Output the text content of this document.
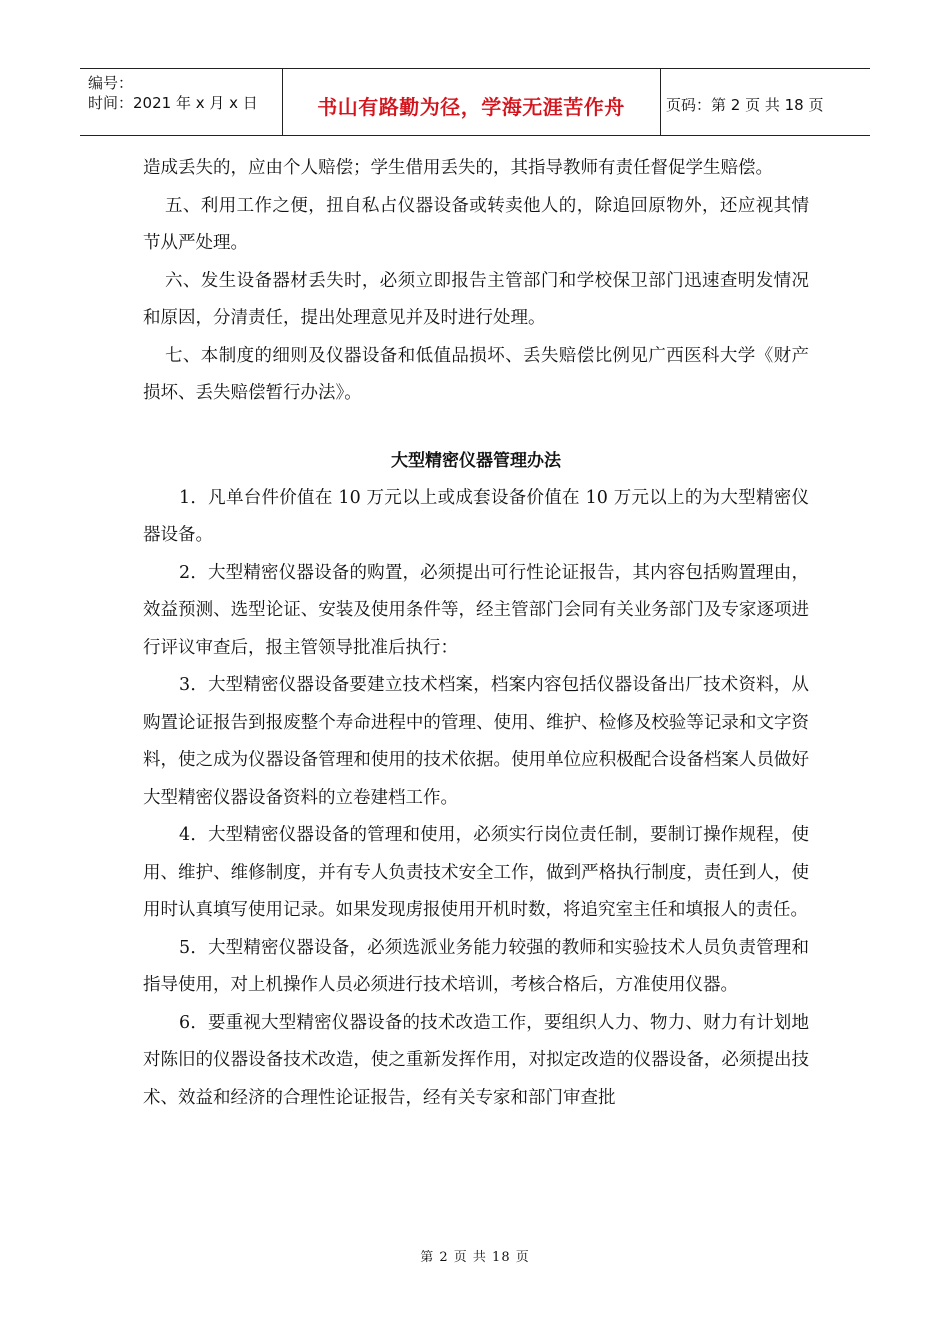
编号：
时间：2021 年 x 月 x 日	书山有路勤为径，学海无涯苦作舟	页码：第 2 页 共 18 页

造成丢失的，应由个人赔偿；学生借用丢失的，其指导教师有责任督促学生赔偿。

五、利用工作之便，扭自私占仪器设备或转卖他人的，除追回原物外，还应视其情节从严处理。

六、发生设备器材丢失时，必须立即报告主管部门和学校保卫部门迅速查明发情况和原因，分清责任，提出处理意见并及时进行处理。

七、本制度的细则及仪器设备和低值品损坏、丢失赔偿比例见广西医科大学《财产损坏、丢失赔偿暂行办法》。

大型精密仪器管理办法

1．凡单台件价值在 10 万元以上或成套设备价值在 10 万元以上的为大型精密仪器设备。

2．大型精密仪器设备的购置，必须提出可行性论证报告，其内容包括购置理由，效益预测、选型论证、安装及使用条件等，经主管部门会同有关业务部门及专家逐项进行评议审查后，报主管领导批准后执行：

3．大型精密仪器设备要建立技术档案，档案内容包括仪器设备出厂技术资料，从购置论证报告到报废整个寿命进程中的管理、使用、维护、检修及校验等记录和文字资料，使之成为仪器设备管理和使用的技术依据。使用单位应积极配合设备档案人员做好大型精密仪器设备资料的立卷建档工作。

4．大型精密仪器设备的管理和使用，必须实行岗位责任制，要制订操作规程，使用、维护、维修制度，并有专人负责技术安全工作，做到严格执行制度，责任到人，使用时认真填写使用记录。如果发现虏报使用开机时数，将追究室主任和填报人的责任。

5．大型精密仪器设备，必须选派业务能力较强的教师和实验技术人员负责管理和指导使用，对上机操作人员必须进行技术培训，考核合格后，方准使用仪器。

6．要重视大型精密仪器设备的技术改造工作，要组织人力、物力、财力有计划地对陈旧的仪器设备技术改造，使之重新发挥作用，对拟定改造的仪器设备，必须提出技术、效益和经济的合理性论证报告，经有关专家和部门审查批

第 2 页 共 18 页
